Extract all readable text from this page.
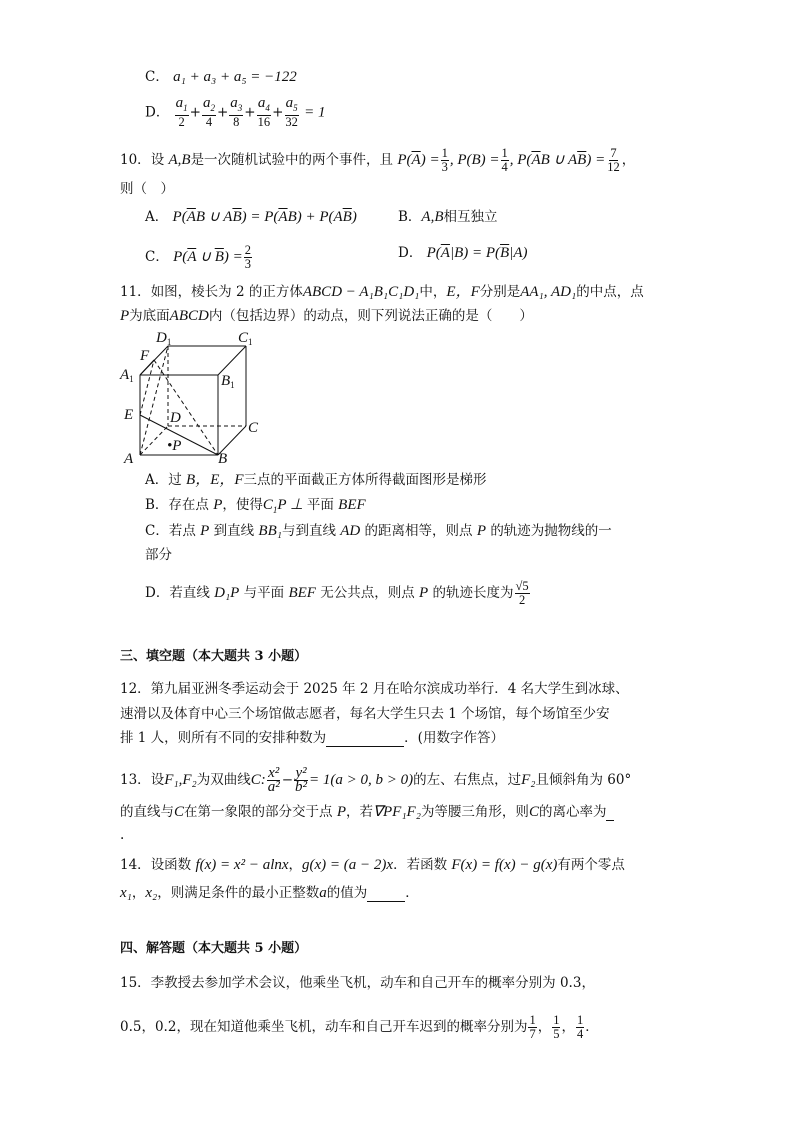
C． a₁ + a₃ + a₅ = −122
D．
$a_1$
2
+
$a_2$
4
+
$a_3$
8
+
$a_4$
16
+
$a_5$
32
= 1
10．设 A,B是一次随机试验中的两个事件，且 $P(\overline{A}) = \frac{1}{3}$ , $P(B) = \frac{1}{4}$ , $P(\overline{A}B$ ∪ $A\overline{B}) = \frac{7}{12}$ ，
则（　）
A． $P(\overline{A}B$ ∪ $A\overline{B}) = P(\overline{A}B) + P(A\overline{B})$	B．A,B相互独立
C． $P(\overline{A}$ ∪ $\overline{B}) = \frac{2}{3}$	D． $P(\overline{A}|B) = P(\overline{B}|A)$
11．如图，棱长为 2 的正方体ABCD − A₁B₁C₁D₁中，E，F分别是AA₁, AD₁的中点，点
P为底面ABCD内（包括边界）的动点，则下列说法正确的是（　　）
$D_1$	$C_1$
F
$A_1$	$B_1$
E D
C
•P
A	B
A．过 B，E，F三点的平面截正方体所得截面图形是梯形
B．存在点 P，使得$C_1P$ ⊥ 平面 BEF
C．若点 P 到直线 BB₁与到直线 AD 的距离相等，则点 P 的轨迹为抛物线的一
部分
D．若直线 D₁P 与平面 BEF 无公共点，则点 P 的轨迹长度为 $\frac{√5}{2}$
三、填空题（本大题共 3 小题）
12．第九届亚洲冬季运动会于 2025 年 2 月在哈尔滨成功举行．4 名大学生到冰球、
速滑以及体育中心三个场馆做志愿者，每名大学生只去 1 个场馆，每个场馆至少安
排 1 人，则所有不同的安排种数为	．(用数字作答）
13．设F₁,F₂为双曲线C: $\frac{\text{x²}}{\text{a²}} - \frac{\text{y²}}{\text{b²}} = 1(a > 0$, b > 0)的左、右焦点，过F₂且倾斜角为 60°
的直线与C在第一象限的部分交于点 P，若∇PF₁F₂为等腰三角形，则C的离心率为
.
14．设函数 f(x) = x² − alnx，g(x) = (a − 2)x．若函数 F(x) = f(x) − g(x)有两个零点
x₁，x₂，则满足条件的最小正整数a的值为	．
四、解答题（本大题共 5 小题）
15．李教授去参加学术会议，他乘坐飞机，动车和自己开车的概率分别为 0.3，
0.5，0.2，现在知道他乘坐飞机，动车和自己开车迟到的概率分别为 $\frac{1}{7}$ ， $\frac{1}{5}$ ， $\frac{1}{4}$ ．
